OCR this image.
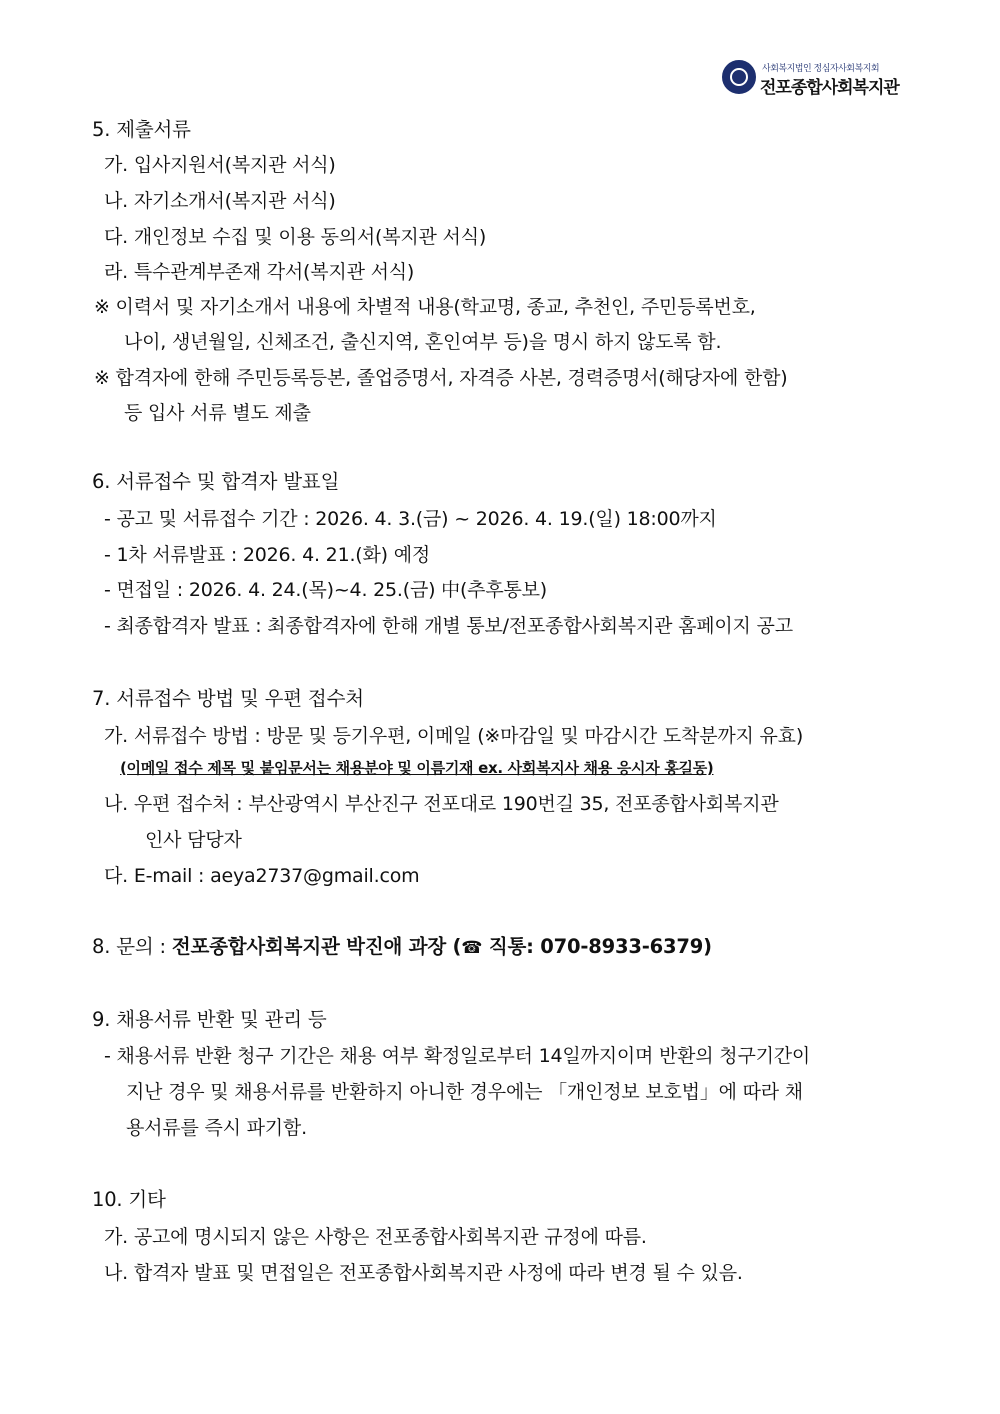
사회복지법인 정심자사회복지회
전포종합사회복지관
5. 제출서류
가. 입사지원서(복지관 서식)
나. 자기소개서(복지관 서식)
다. 개인정보 수집 및 이용 동의서(복지관 서식)
라. 특수관계부존재 각서(복지관 서식)
※ 이력서 및 자기소개서 내용에 차별적 내용(학교명, 종교, 추천인, 주민등록번호,
나이, 생년월일, 신체조건, 출신지역, 혼인여부 등)을 명시 하지 않도록 함.
※ 합격자에 한해 주민등록등본, 졸업증명서, 자격증 사본, 경력증명서(해당자에 한함)
등 입사 서류 별도 제출
6. 서류접수 및 합격자 발표일
- 공고 및 서류접수 기간 : 2026. 4. 3.(금) ~ 2026. 4. 19.(일) 18:00까지
- 1차 서류발표 : 2026. 4. 21.(화) 예정
- 면접일 : 2026. 4. 24.(목)~4. 25.(금) 中(추후통보)
- 최종합격자 발표 : 최종합격자에 한해 개별 통보/전포종합사회복지관 홈페이지 공고
7. 서류접수 방법 및 우편 접수처
가. 서류접수 방법 : 방문 및 등기우편, 이메일 (※마감일 및 마감시간 도착분까지 유효)
(이메일 접수 제목 및 붙임문서는 채용분야 및 이름기재 ex. 사회복지사 채용 응시자 홍길동)
나. 우편 접수처 : 부산광역시 부산진구 전포대로 190번길 35, 전포종합사회복지관
인사 담당자
다. E-mail : aeya2737@gmail.com
8. 문의 : 전포종합사회복지관 박진애 과장 (☎ 직통: 070-8933-6379)
9. 채용서류 반환 및 관리 등
- 채용서류 반환 청구 기간은 채용 여부 확정일로부터 14일까지이며 반환의 청구기간이
지난 경우 및 채용서류를 반환하지 아니한 경우에는 「개인정보 보호법」에 따라 채
용서류를 즉시 파기함.
10. 기타
가. 공고에 명시되지 않은 사항은 전포종합사회복지관 규정에 따름.
나. 합격자 발표 및 면접일은 전포종합사회복지관 사정에 따라 변경 될 수 있음.
